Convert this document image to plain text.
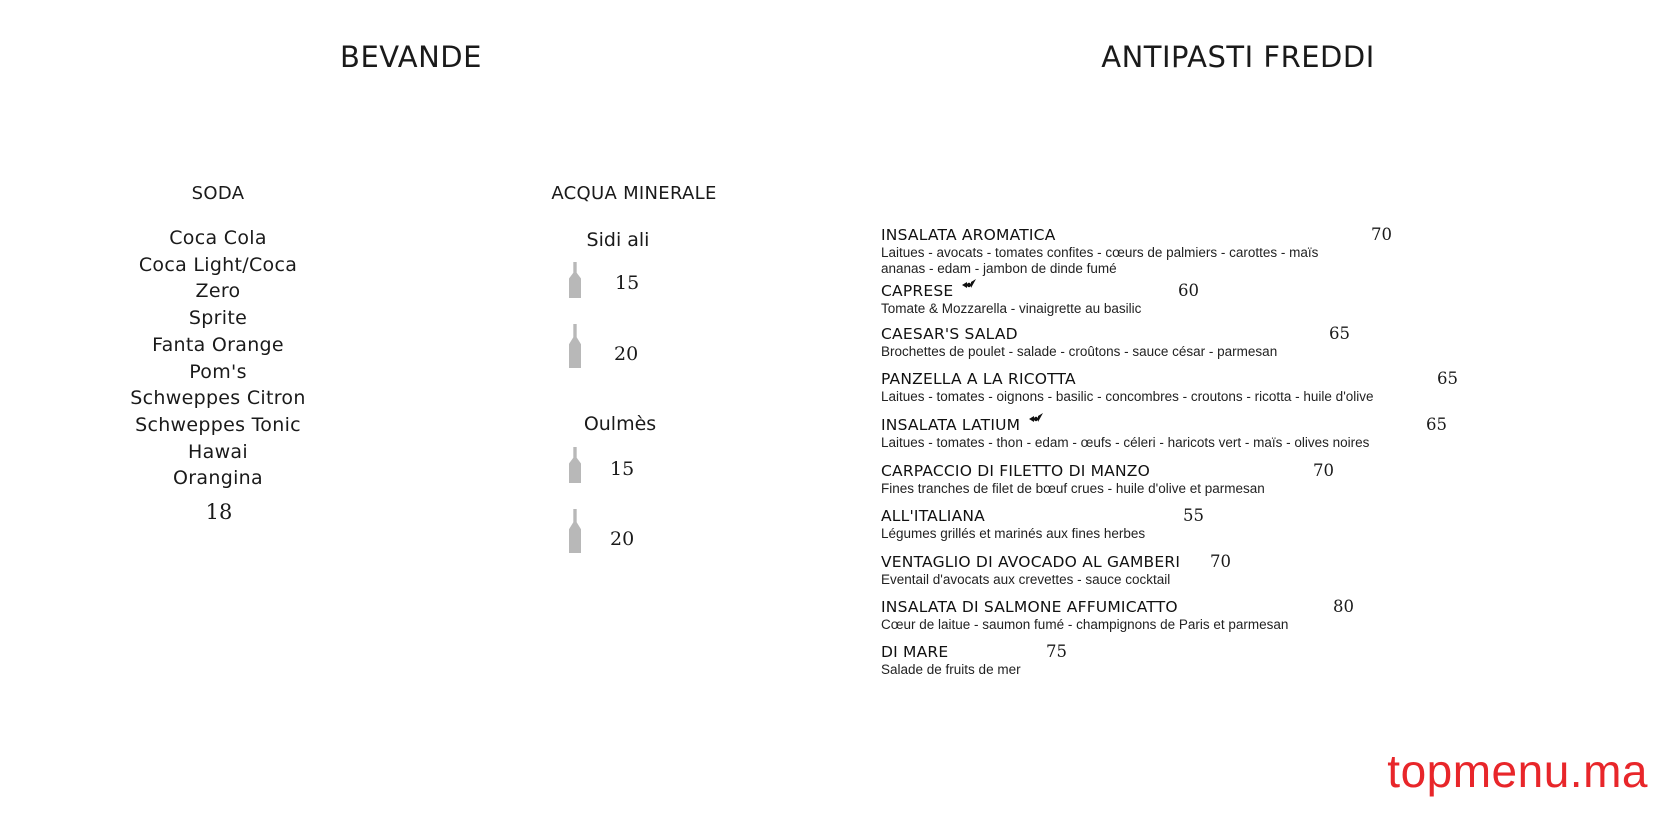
BEVANDE	ANTIPASTI FREDDI
SODA
Coca Cola
Coca Light/Coca
Zero
Sprite
Fanta Orange
Pom's
Schweppes Citron
Schweppes Tonic
Hawai
Orangina
18
ACQUA MINERALE
Sidi ali
15
20
Oulmès
15
20
INSALATA AROMATICA	70
Laitues - avocats - tomates confites - cœurs de palmiers - carottes - maïs
ananas - edam - jambon de dinde fumé
CAPRESE	60
Tomate & Mozzarella - vinaigrette au basilic
CAESAR'S SALAD	65
Brochettes de poulet - salade - croûtons - sauce césar - parmesan
PANZELLA A LA RICOTTA	65
Laitues - tomates - oignons - basilic - concombres - croutons - ricotta - huile d'olive
INSALATA LATIUM	65
Laitues - tomates - thon - edam - œufs - céleri - haricots vert - maïs - olives noires
CARPACCIO DI FILETTO DI MANZO	70
Fines tranches de filet de bœuf crues - huile d'olive et parmesan
ALL'ITALIANA	55
Légumes grillés et marinés aux fines herbes
VENTAGLIO DI AVOCADO AL GAMBERI 70
Eventail d'avocats aux crevettes - sauce cocktail
INSALATA DI SALMONE AFFUMICATTO	80
Cœur de laitue - saumon fumé - champignons de Paris et parmesan
DI MARE	75
Salade de fruits de mer
topmenu.ma
